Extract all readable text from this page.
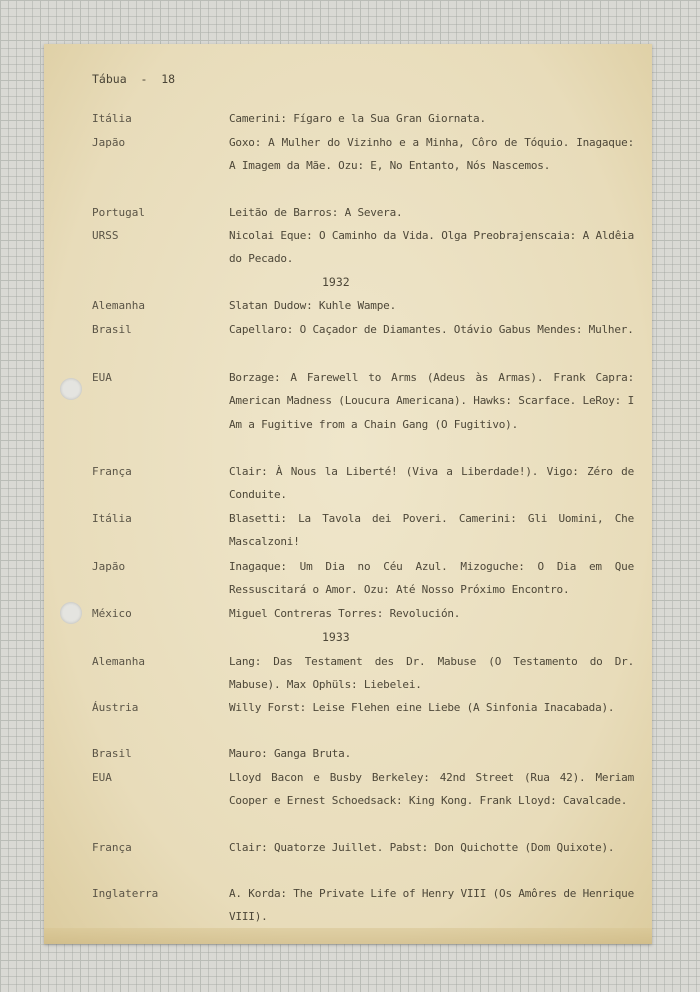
Tábua  -  18
Itália	Camerini: Fígaro e la Sua Gran Giornata.
Japão	Goxo: A Mulher do Vizinho e a Minha, Côro de Tóquio. Inagaque: A Imagem da Mãe. Ozu: E, No Entanto, Nós Nascemos.
Portugal	Leitão de Barros: A Severa.
URSS	Nicolai Eque: O Caminho da Vida. Olga Preobrajenscaia: A Aldêia do Pecado.
1932
Alemanha	Slatan Dudow: Kuhle Wampe.
Brasil	Capellaro: O Caçador de Diamantes. Otávio Gabus Mendes: Mulher.
EUA	Borzage: A Farewell to Arms (Adeus às Armas). Frank Capra: American Madness (Loucura Americana). Hawks: Scarface. LeRoy: I Am a Fugitive from a Chain Gang (O Fugitivo).
França	Clair: À Nous la Liberté! (Viva a Liberdade!). Vigo: Zéro de Conduite.
Itália	Blasetti: La Tavola dei Poveri. Camerini: Gli Uomini, Che Mascalzoni!
Japão	Inagaque: Um Dia no Céu Azul. Mizoguche: O Dia em Que Ressuscitará o Amor. Ozu: Até Nosso Próximo Encontro.
México	Miguel Contreras Torres: Revolución.
1933
Alemanha	Lang: Das Testament des Dr. Mabuse (O Testamento do Dr. Mabuse). Max Ophüls: Liebelei.
Áustria	Willy Forst: Leise Flehen eine Liebe (A Sinfonia Inacabada).
Brasil	Mauro: Ganga Bruta.
EUA	Lloyd Bacon e Busby Berkeley: 42nd Street (Rua 42). Meriam Cooper e Ernest Schoedsack: King Kong. Frank Lloyd: Cavalcade.
França	Clair: Quatorze Juillet. Pabst: Don Quichotte (Dom Quixote).
Inglaterra	A. Korda: The Private Life of Henry VIII (Os Amôres de Henrique VIII).
